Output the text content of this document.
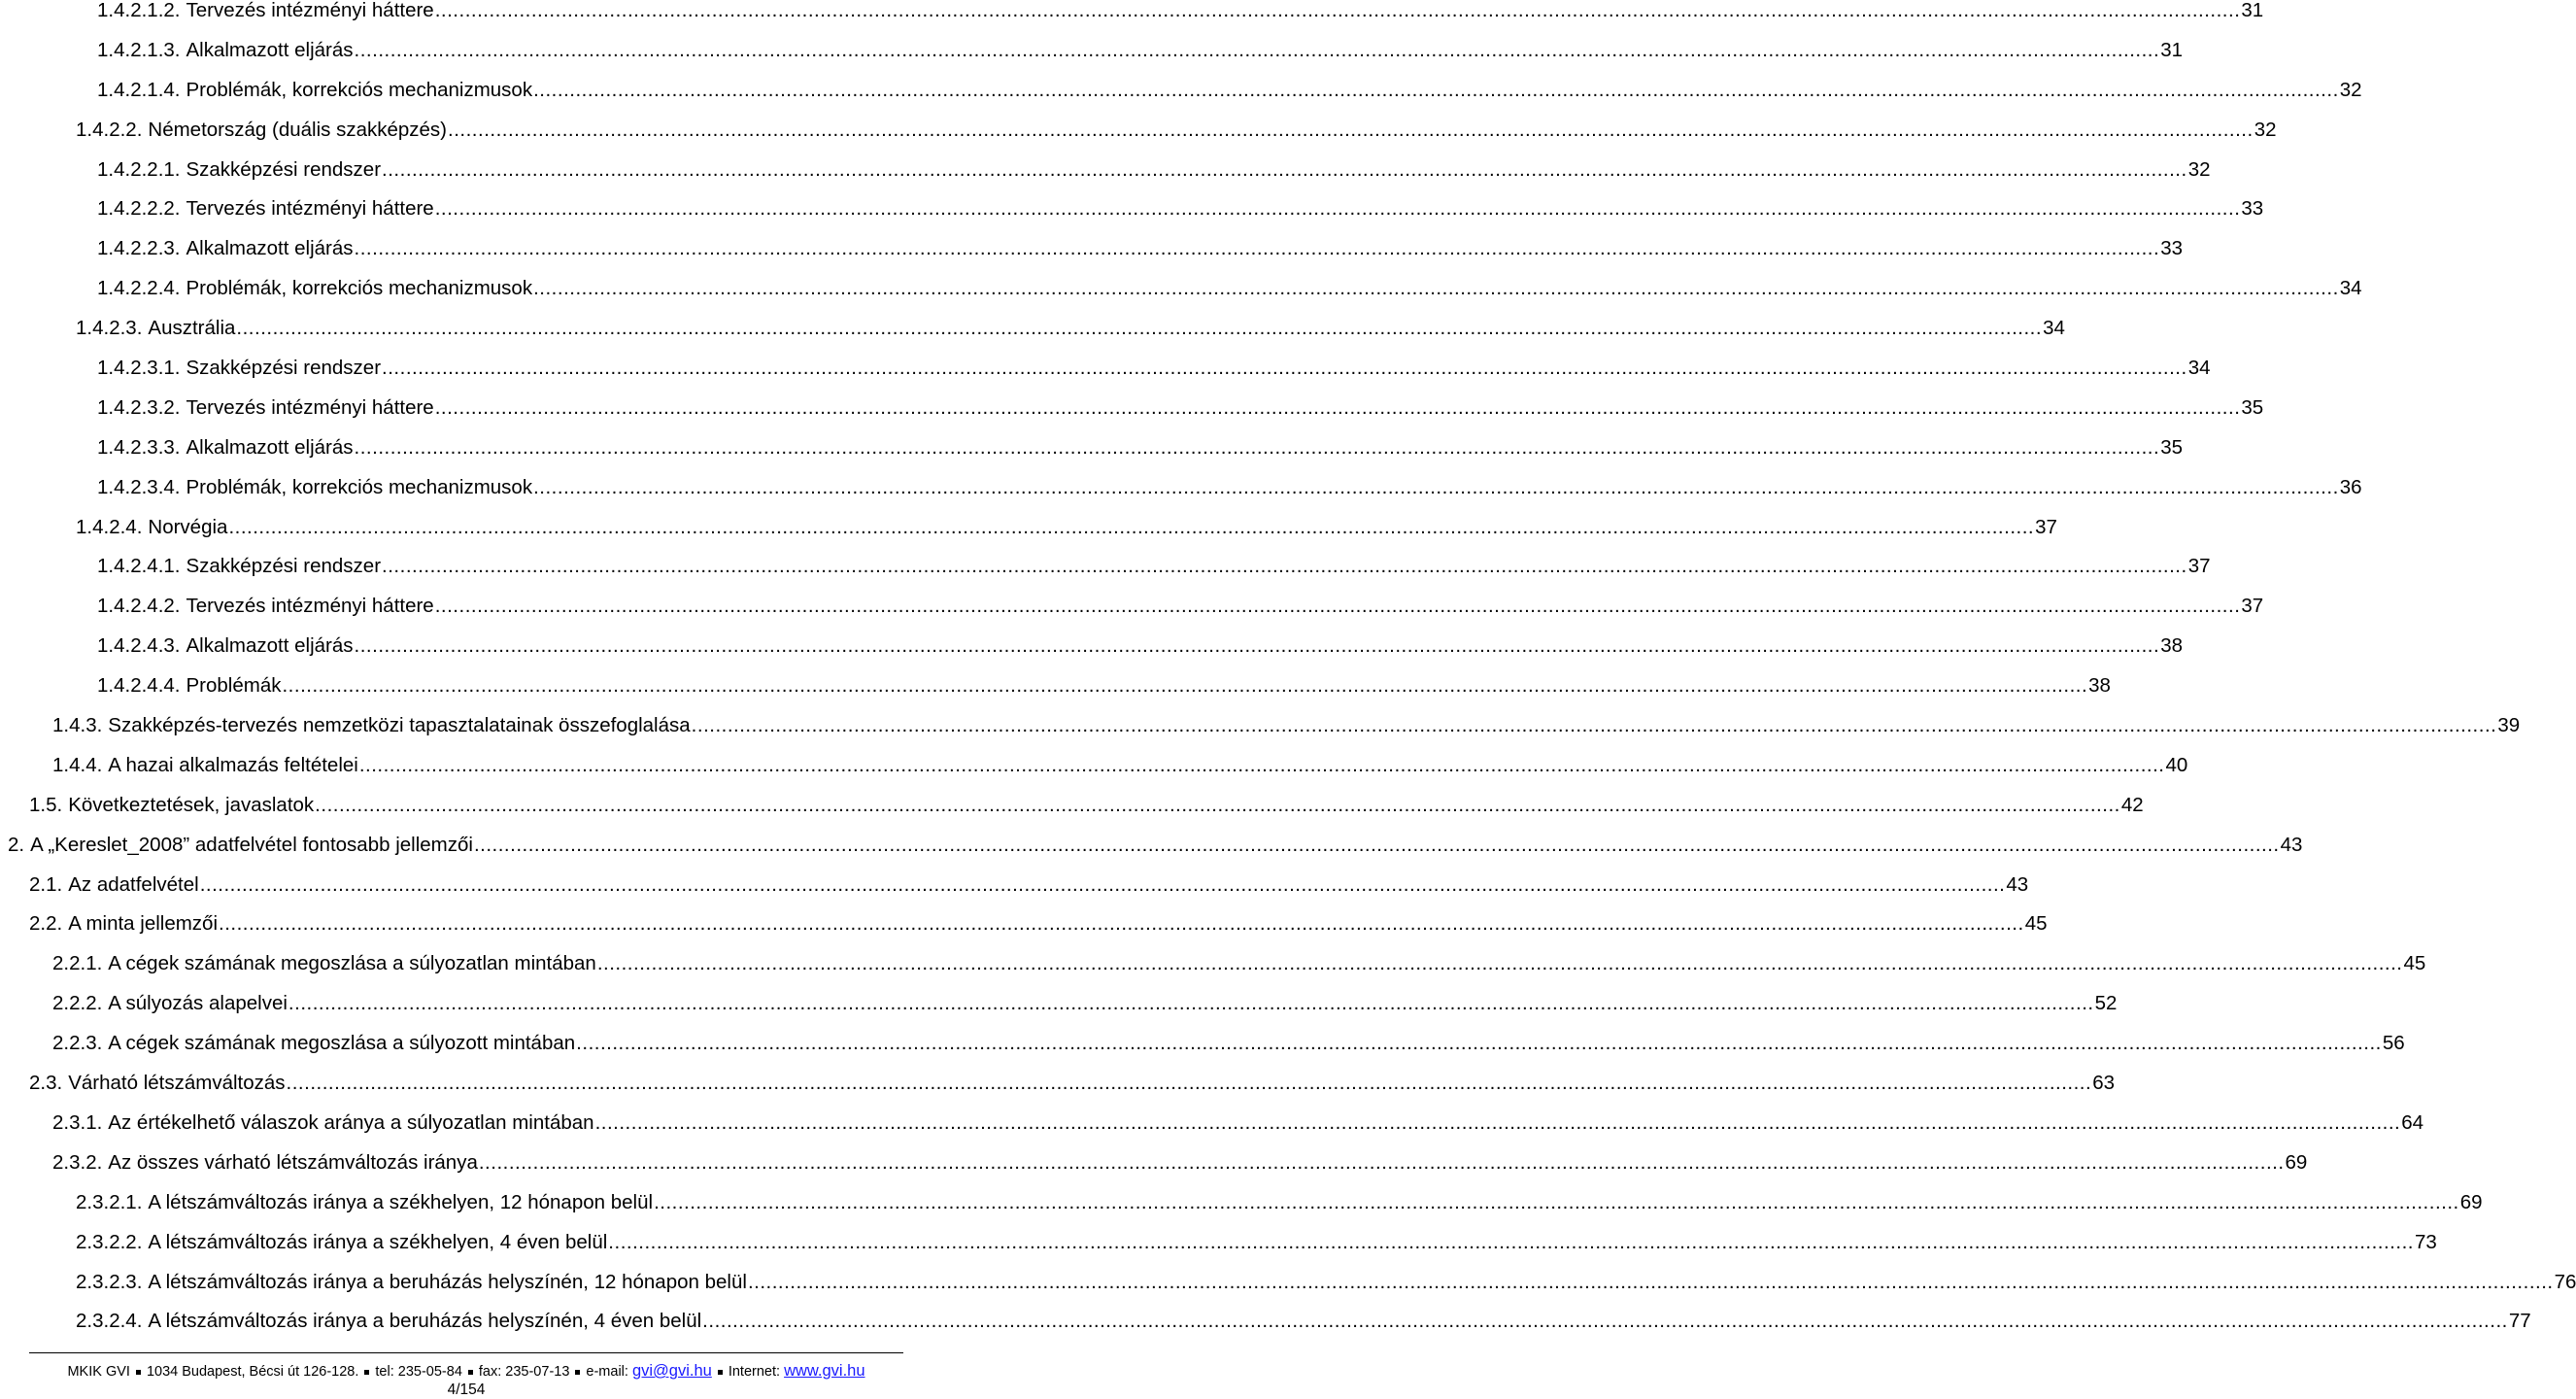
1.4.2.1.2. Tervezés intézményi háttere ............................................................................................................................................................................................................................................................................................................ 31
1.4.2.1.3. Alkalmazott eljárás ............................................................................................................................................................................................................................................................................................................ 31
1.4.2.1.4. Problémák, korrekciós mechanizmusok ............................................................................................................................................................................................................................................................................................................ 32
1.4.2.2. Németország (duális szakképzés) ............................................................................................................................................................................................................................................................................................................ 32
1.4.2.2.1. Szakképzési rendszer ............................................................................................................................................................................................................................................................................................................ 32
1.4.2.2.2. Tervezés intézményi háttere ............................................................................................................................................................................................................................................................................................................ 33
1.4.2.2.3. Alkalmazott eljárás ............................................................................................................................................................................................................................................................................................................ 33
1.4.2.2.4. Problémák, korrekciós mechanizmusok ............................................................................................................................................................................................................................................................................................................ 34
1.4.2.3. Ausztrália ............................................................................................................................................................................................................................................................................................................ 34
1.4.2.3.1. Szakképzési rendszer ............................................................................................................................................................................................................................................................................................................ 34
1.4.2.3.2. Tervezés intézményi háttere ............................................................................................................................................................................................................................................................................................................ 35
1.4.2.3.3. Alkalmazott eljárás ............................................................................................................................................................................................................................................................................................................ 35
1.4.2.3.4. Problémák, korrekciós mechanizmusok ............................................................................................................................................................................................................................................................................................................ 36
1.4.2.4. Norvégia ............................................................................................................................................................................................................................................................................................................ 37
1.4.2.4.1. Szakképzési rendszer ............................................................................................................................................................................................................................................................................................................ 37
1.4.2.4.2. Tervezés intézményi háttere ............................................................................................................................................................................................................................................................................................................ 37
1.4.2.4.3. Alkalmazott eljárás ............................................................................................................................................................................................................................................................................................................ 38
1.4.2.4.4. Problémák ............................................................................................................................................................................................................................................................................................................ 38
1.4.3. Szakképzés-tervezés nemzetközi tapasztalatainak összefoglalása ............................................................................................................................................................................................................................................................................................................ 39
1.4.4. A hazai alkalmazás feltételei ............................................................................................................................................................................................................................................................................................................ 40
1.5. Következtetések, javaslatok ............................................................................................................................................................................................................................................................................................................ 42
2. A „Kereslet_2008” adatfelvétel fontosabb jellemzői ............................................................................................................................................................................................................................................................................................................ 43
2.1. Az adatfelvétel ............................................................................................................................................................................................................................................................................................................ 43
2.2. A minta jellemzői ............................................................................................................................................................................................................................................................................................................ 45
2.2.1. A cégek számának megoszlása a súlyozatlan mintában ............................................................................................................................................................................................................................................................................................................ 45
2.2.2. A súlyozás alapelvei ............................................................................................................................................................................................................................................................................................................ 52
2.2.3. A cégek számának megoszlása a súlyozott mintában ............................................................................................................................................................................................................................................................................................................ 56
2.3. Várható létszámváltozás ............................................................................................................................................................................................................................................................................................................ 63
2.3.1. Az értékelhető válaszok aránya a súlyozatlan mintában ............................................................................................................................................................................................................................................................................................................ 64
2.3.2. Az összes várható létszámváltozás iránya ............................................................................................................................................................................................................................................................................................................ 69
2.3.2.1. A létszámváltozás iránya a székhelyen, 12 hónapon belül ............................................................................................................................................................................................................................................................................................................ 69
2.3.2.2. A létszámváltozás iránya a székhelyen, 4 éven belül ............................................................................................................................................................................................................................................................................................................ 73
2.3.2.3. A létszámváltozás iránya a beruházás helyszínén, 12 hónapon belül ............................................................................................................................................................................................................................................................................................................ 76
2.3.2.4. A létszámváltozás iránya a beruházás helyszínén, 4 éven belül ............................................................................................................................................................................................................................................................................................................ 77
MKIK GVI 1034 Budapest, Bécsi út 126-128. tel: 235-05-84 fax: 235-07-13 e-mail: gvi@gvi.hu Internet: www.gvi.hu
4/154
